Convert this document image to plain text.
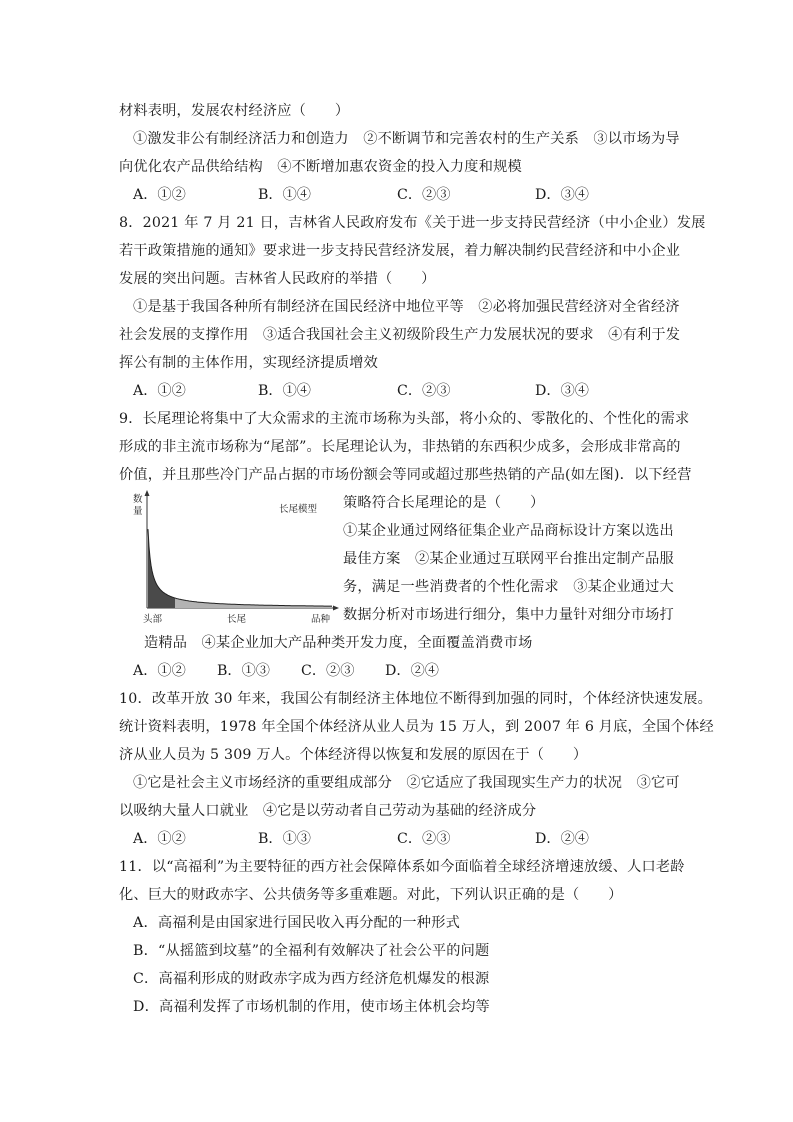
材料表明，发展农村经济应（　　）
①激发非公有制经济活力和创造力　②不断调节和完善农村的生产关系　③以市场为导
向优化农产品供给结构　④不断增加惠农资金的投入力度和规模
A．①②	B．①④	C．②③	D．③④
8．2021 年 7 月 21 日，吉林省人民政府发布《关于进一步支持民营经济（中小企业）发展
若干政策措施的通知》要求进一步支持民营经济发展，着力解决制约民营经济和中小企业
发展的突出问题。吉林省人民政府的举措（　　）
①是基于我国各种所有制经济在国民经济中地位平等　②必将加强民营经济对全省经济
社会发展的支撑作用　③适合我国社会主义初级阶段生产力发展状况的要求　④有利于发
挥公有制的主体作用，实现经济提质增效
A．①②	B．①④	C．②③	D．③④
9．长尾理论将集中了大众需求的主流市场称为头部，将小众的、零散化的、个性化的需求
形成的非主流市场称为“尾部”。长尾理论认为，非热销的东西积少成多，会形成非常高的
价值，并且那些冷门产品占据的市场份额会等同或超过那些热销的产品(如左图)．以下经营
数
量	长尾模型
头部	长尾	品种
策略符合长尾理论的是（　　）
①某企业通过网络征集企业产品商标设计方案以选出
最佳方案　②某企业通过互联网平台推出定制产品服
务，满足一些消费者的个性化需求　③某企业通过大
数据分析对市场进行细分，集中力量针对细分市场打
造精品　④某企业加大产品种类开发力度，全面覆盖消费市场
A．①② B．①③ C．②③ D．②④
10．改革开放 30 年来，我国公有制经济主体地位不断得到加强的同时，个体经济快速发展。
统计资料表明，1978 年全国个体经济从业人员为 15 万人，到 2007 年 6 月底，全国个体经
济从业人员为 5 309 万人。个体经济得以恢复和发展的原因在于（　　）
①它是社会主义市场经济的重要组成部分　②它适应了我国现实生产力的状况　③它可
以吸纳大量人口就业　④它是以劳动者自己劳动为基础的经济成分
A．①②	B．①③	C．②③	D．②④
11．以“高福利”为主要特征的西方社会保障体系如今面临着全球经济增速放缓、人口老龄
化、巨大的财政赤字、公共债务等多重难题。对此，下列认识正确的是（　　）
A．高福利是由国家进行国民收入再分配的一种形式
B．“从摇篮到坟墓”的全福利有效解决了社会公平的问题
C．高福利形成的财政赤字成为西方经济危机爆发的根源
D．高福利发挥了市场机制的作用，使市场主体机会均等
